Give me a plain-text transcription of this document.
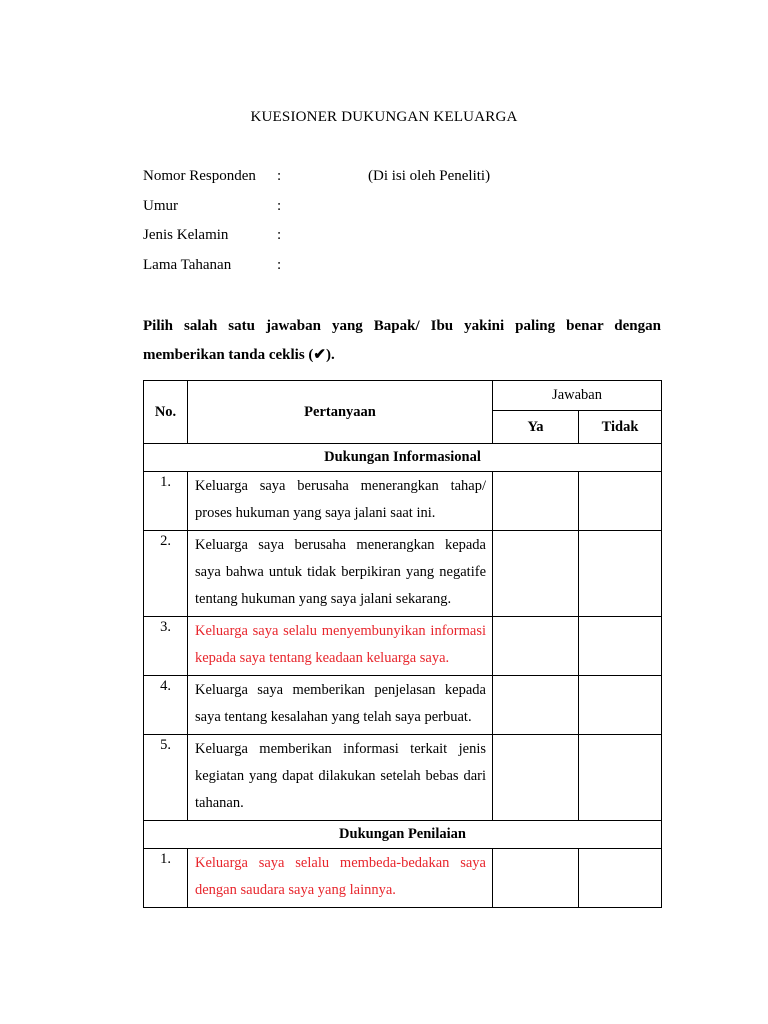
KUESIONER DUKUNGAN KELUARGA
Nomor Responden :	(Di isi oleh Peneliti)
Umur	:
Jenis Kelamin	:
Lama Tahanan	:
Pilih salah satu jawaban yang Bapak/ Ibu yakini paling benar dengan memberikan tanda ceklis (✔).
No.	Pertanyaan	Jawaban	
		Ya	Tidak
Dukungan Informasional			
1.	Keluarga saya berusaha menerangkan tahap/ proses hukuman yang saya jalani saat ini.		
2.	Keluarga saya berusaha menerangkan kepada saya bahwa untuk tidak berpikiran yang negatife tentang hukuman yang saya jalani sekarang.		
3.	Keluarga saya selalu menyembunyikan informasi kepada saya tentang keadaan keluarga saya.		
4.	Keluarga saya memberikan penjelasan kepada saya tentang kesalahan yang telah saya perbuat.		
5.	Keluarga memberikan informasi terkait jenis kegiatan yang dapat dilakukan setelah bebas dari tahanan.		
Dukungan Penilaian			
1.	Keluarga saya selalu membeda-bedakan saya dengan saudara saya yang lainnya.		
